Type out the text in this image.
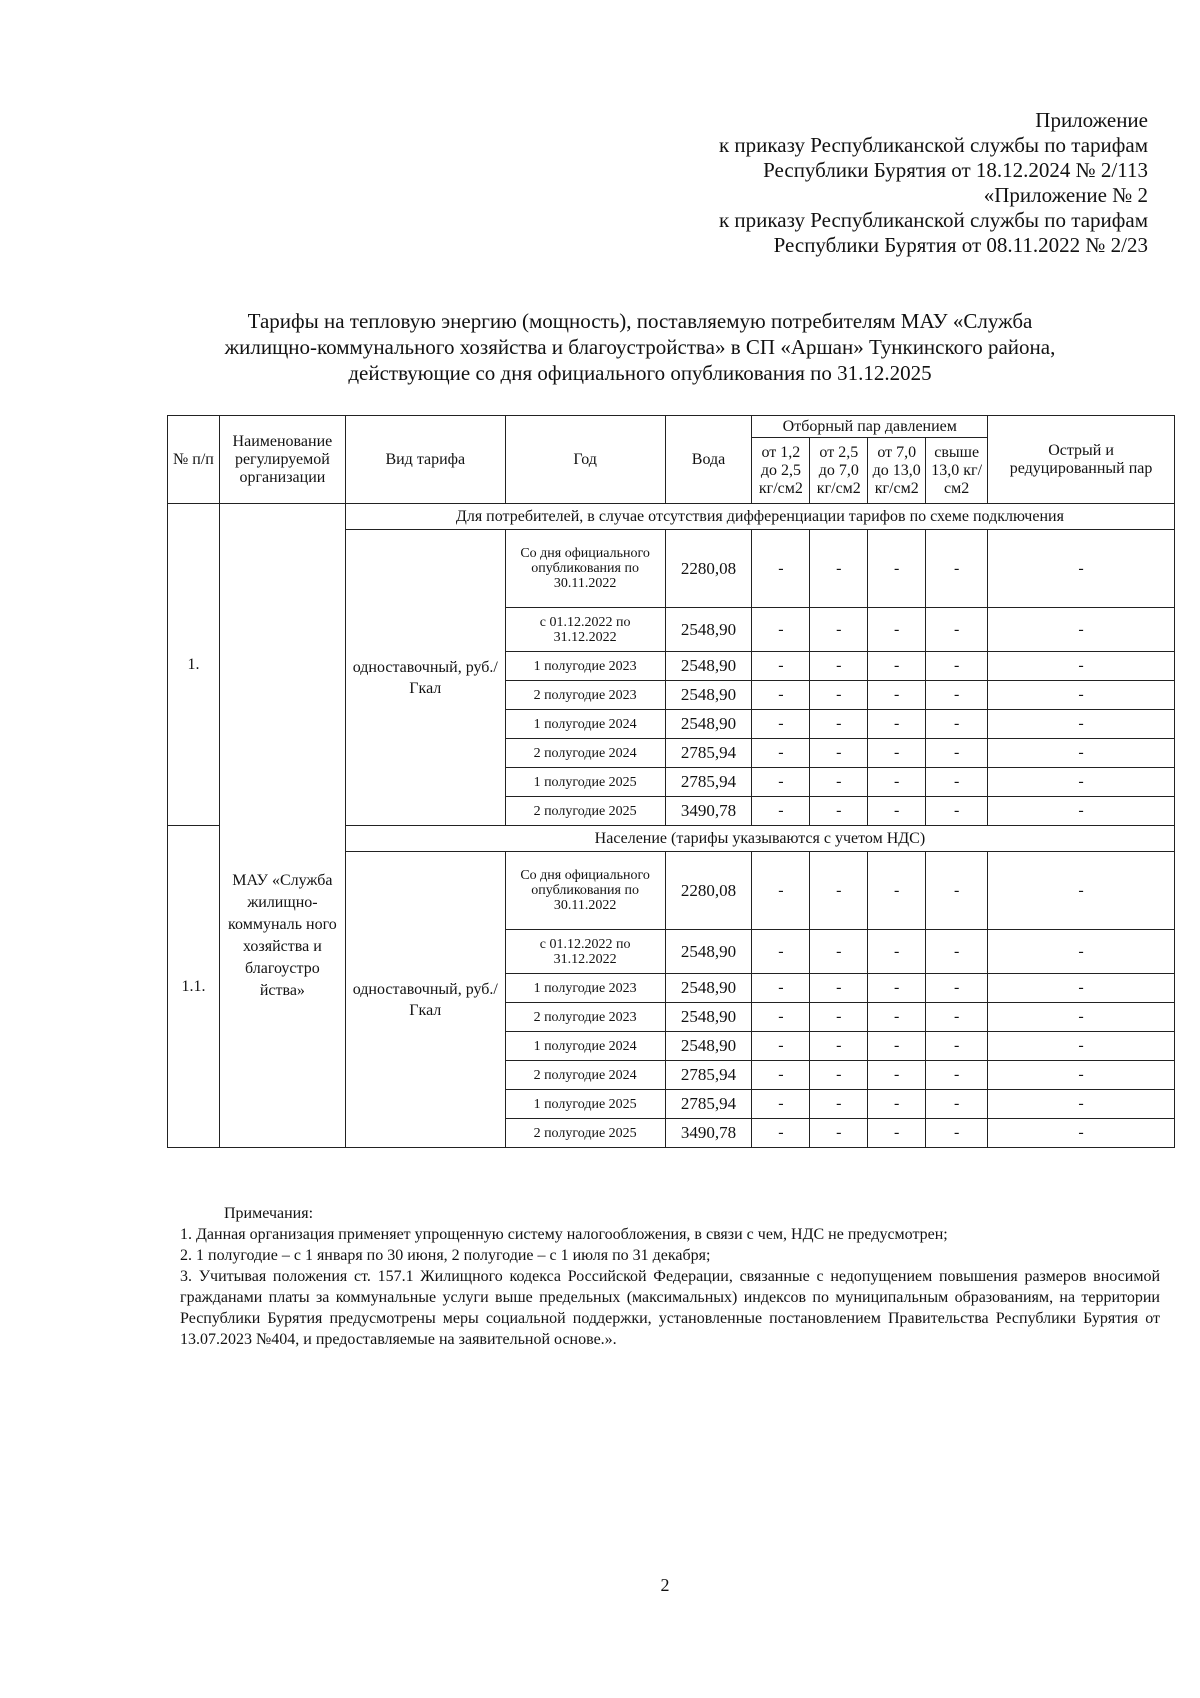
Приложение
к приказу Республиканской службы по тарифам
Республики Бурятия от 18.12.2024 № 2/113
«Приложение № 2
к приказу Республиканской службы по тарифам
Республики Бурятия от 08.11.2022 № 2/23
Тарифы на тепловую энергию (мощность), поставляемую потребителям МАУ «Служба
жилищно-коммунального хозяйства и благоустройства» в СП «Аршан» Тункинского района,
действующие со дня официального опубликования по 31.12.2025
№ п/п	Наименование регулируемой организации	Вид тарифа	Год	Вода	Отборный пар давлением				Острый и редуцированный пар
					от 1,2 до 2,5 кг/см2	от 2,5 до 7,0 кг/см2	от 7,0 до 13,0 кг/см2	свыше 13,0 кг/см2	
1.	МАУ «Служба жилищно-коммуналь ного хозяйства и благоустро йства»	Для потребителей, в случае отсутствия дифференциации тарифов по схеме подключения							
		одноставочный, руб./Гкал	Со дня официального опубликования по 30.11.2022	2280,08	-	-	-	-	-
			с 01.12.2022 по 31.12.2022	2548,90	-	-	-	-	-
			1 полугодие 2023	2548,90	-	-	-	-	-
			2 полугодие 2023	2548,90	-	-	-	-	-
			1 полугодие 2024	2548,90	-	-	-	-	-
			2 полугодие 2024	2785,94	-	-	-	-	-
			1 полугодие 2025	2785,94	-	-	-	-	-
			2 полугодие 2025	3490,78	-	-	-	-	-
1.1.		Население (тарифы указываются с учетом НДС)							
		одноставочный, руб./Гкал	Со дня официального опубликования по 30.11.2022	2280,08	-	-	-	-	-
			с 01.12.2022 по 31.12.2022	2548,90	-	-	-	-	-
			1 полугодие 2023	2548,90	-	-	-	-	-
			2 полугодие 2023	2548,90	-	-	-	-	-
			1 полугодие 2024	2548,90	-	-	-	-	-
			2 полугодие 2024	2785,94	-	-	-	-	-
			1 полугодие 2025	2785,94	-	-	-	-	-
			2 полугодие 2025	3490,78	-	-	-	-	-
Примечания:
1. Данная организация применяет упрощенную систему налогообложения, в связи с чем, НДС не предусмотрен;
2. 1 полугодие – с 1 января по 30 июня, 2 полугодие – с 1 июля по 31 декабря;
3. Учитывая положения ст. 157.1 Жилищного кодекса Российской Федерации, связанные с недопущением повышения размеров вносимой гражданами платы за коммунальные услуги выше предельных (максимальных) индексов по муниципальным образованиям, на территории Республики Бурятия предусмотрены меры социальной поддержки, установленные постановлением Правительства Республики Бурятия от 13.07.2023 №404, и предоставляемые на заявительной основе.».
2
